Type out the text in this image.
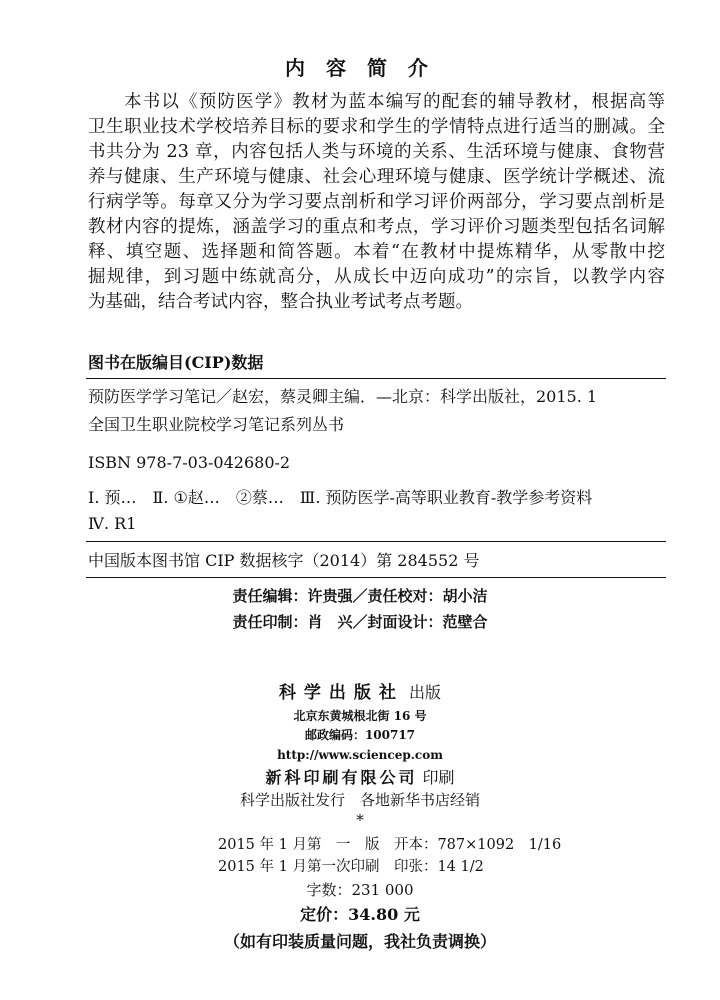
内 容 简 介
本书以《预防医学》教材为蓝本编写的配套的辅导教材，根据高等
卫生职业技术学校培养目标的要求和学生的学情特点进行适当的删减。全
书共分为 23 章，内容包括人类与环境的关系、生活环境与健康、食物营
养与健康、生产环境与健康、社会心理环境与健康、医学统计学概述、流
行病学等。每章又分为学习要点剖析和学习评价两部分，学习要点剖析是
教材内容的提炼，涵盖学习的重点和考点，学习评价习题类型包括名词解
释、填空题、选择题和简答题。本着“在教材中提炼精华，从零散中挖
掘规律，到习题中练就高分，从成长中迈向成功”的宗旨，以教学内容
为基础，结合考试内容，整合执业考试考点考题。
图书在版编目(CIP)数据
预防医学学习笔记／赵宏，蔡灵卿主编．—北京：科学出版社，2015. 1
全国卫生职业院校学习笔记系列丛书
ISBN 978-7-03-042680-2
Ⅰ. 预…　Ⅱ. ①赵…　②蔡…　Ⅲ. 预防医学-高等职业教育-教学参考资料
Ⅳ. R1
中国版本图书馆 CIP 数据核字（2014）第 284552 号
责任编辑：许贵强／责任校对：胡小洁
责任印制：肖　兴／封面设计：范壁合
科学出版社 出版
北京东黄城根北街 16 号
邮政编码：100717
http://www.sciencep.com
新科印刷有限公司 印刷
科学出版社发行　各地新华书店经销
*
2015 年 1 月第　一　版　开本：787×1092　1/16
2015 年 1 月第一次印刷　印张：14 1/2
字数：231 000
定价：34.80 元
（如有印装质量问题，我社负责调换）
